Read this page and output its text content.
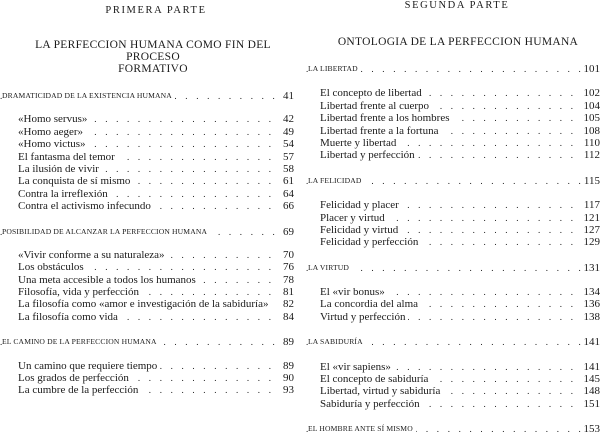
PRIMERA PARTE
LA PERFECCION HUMANA COMO FIN DEL PROCESO
FORMATIVO
DRAMATICIDAD DE LA EXISTENCIA HUMANA	41
. . .
«Homo servus»	42
. . .
«Homo aeger»	49
. . .
«Homo victus»	54
. . .
El fantasma del temor	57
. . .
La ilusión de vivir	58
. . .
La conquista de sí mismo	61
. . .
Contra la irreflexión	64
. . .
Contra el activismo infecundo	66
. . .
POSIBILIDAD DE ALCANZAR LA PERFECCION HUMANA	69
. . .
«Vivir conforme a su naturaleza»	70
. . .
Los obstáculos	76
. . .
Una meta accesible a todos los humanos	78
. . .
Filosofía, vida y perfección	81
. . .
La filosofía como «amor e investigación de la sabiduría» 82
. . .
La filosofía como vida	84
. . .
EL CAMINO DE LA PERFECCION HUMANA	89
. . .
Un camino que requiere tiempo	89
. . .
Los grados de perfección	90
. . .
La cumbre de la perfección	93
. . .
SEGUNDA PARTE
ONTOLOGIA DE LA PERFECCION HUMANA
LA LIBERTAD	101
. . .
El concepto de libertad	102
. . .
Libertad frente al cuerpo	104
. . .
Libertad frente a los hombres	105
. . .
Libertad frente a la fortuna	108
. . .
Muerte y libertad	110
. . .
Libertad y perfección	112
. . .
LA FELICIDAD	115
. . .
Felicidad y placer	117
. . .
Placer y virtud	121
. . .
Felicidad y virtud	127
. . .
Felicidad y perfección	129
. . .
LA VIRTUD	131
. . .
El «vir bonus»	134
. . .
La concordia del alma	136
. . .
Virtud y perfección	138
. . .
LA SABIDURÍA	141
. . .
El «vir sapiens»	141
. . .
El concepto de sabiduría	145
. . .
Libertad, virtud y sabiduría	148
. . .
Sabiduría y perfección	151
. . .
EL HOMBRE ANTE SÍ MISMO	153
. . .
